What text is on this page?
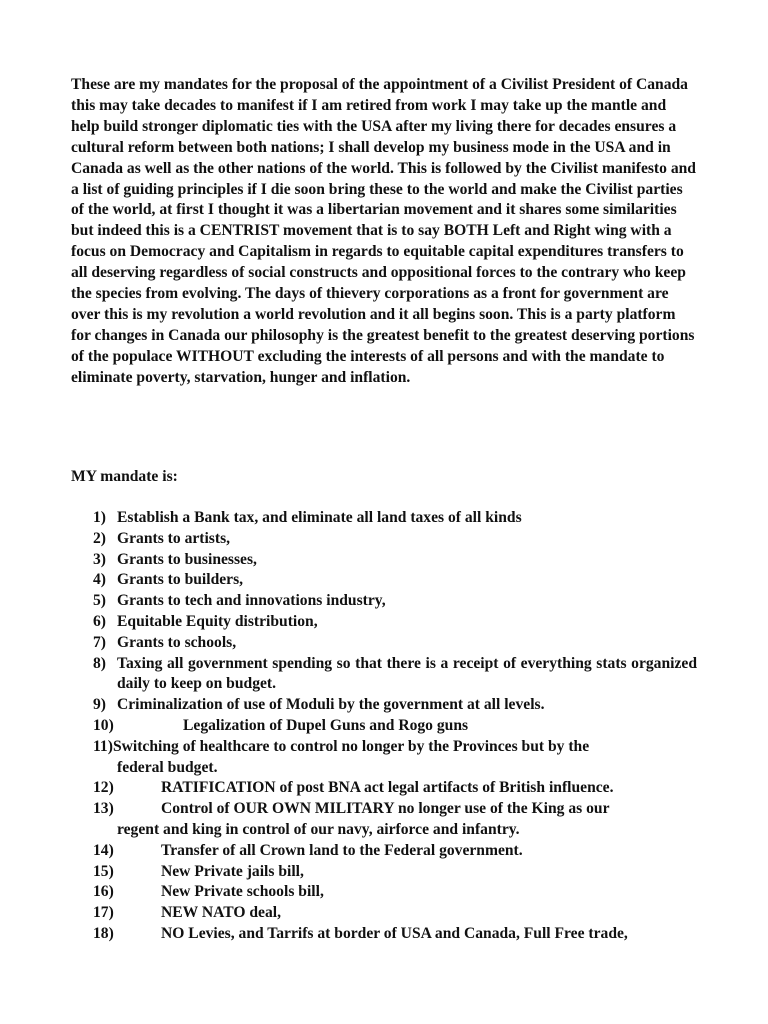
These are my mandates for the proposal of the appointment of a Civilist President of Canada this may take decades to manifest if I am retired from work I may take up the mantle and help build stronger diplomatic ties with the USA after my living there for decades ensures a cultural reform between both nations; I shall develop my business mode in the USA and in Canada as well as the other nations of the world. This is followed by the Civilist manifesto and a list of guiding principles if I die soon bring these to the world and make the Civilist parties of the world, at first I thought it was a libertarian movement and it shares some similarities but indeed this is a CENTRIST movement that is to say BOTH Left and Right wing with a focus on Democracy and Capitalism in regards to equitable capital expenditures transfers to all deserving regardless of social constructs and oppositional forces to the contrary who keep the species from evolving. The days of thievery corporations as a front for government are over this is my revolution a world revolution and it all begins soon. This is a party platform for changes in Canada our philosophy is the greatest benefit to the greatest deserving portions of the populace WITHOUT excluding the interests of all persons and with the mandate to eliminate poverty, starvation, hunger and inflation.

MY mandate is:

1) Establish a Bank tax, and eliminate all land taxes of all kinds
2) Grants to artists,
3) Grants to businesses,
4) Grants to builders,
5) Grants to tech and innovations industry,
6) Equitable Equity distribution,
7) Grants to schools,
8) Taxing all government spending so that there is a receipt of everything stats organized daily to keep on budget.
9) Criminalization of use of Moduli by the government at all levels.
10)	Legalization of Dupel Guns and Rogo guns
11)Switching of healthcare to control no longer by the Provinces but by the
federal budget.
12)	RATIFICATION of post BNA act legal artifacts of British influence.
13)	Control of OUR OWN MILITARY no longer use of the King as our
regent and king in control of our navy, airforce and infantry.
14)	Transfer of all Crown land to the Federal government.
15)	New Private jails bill,
16)	New Private schools bill,
17)	NEW NATO deal,
18)	NO Levies, and Tarrifs at border of USA and Canada, Full Free trade,
